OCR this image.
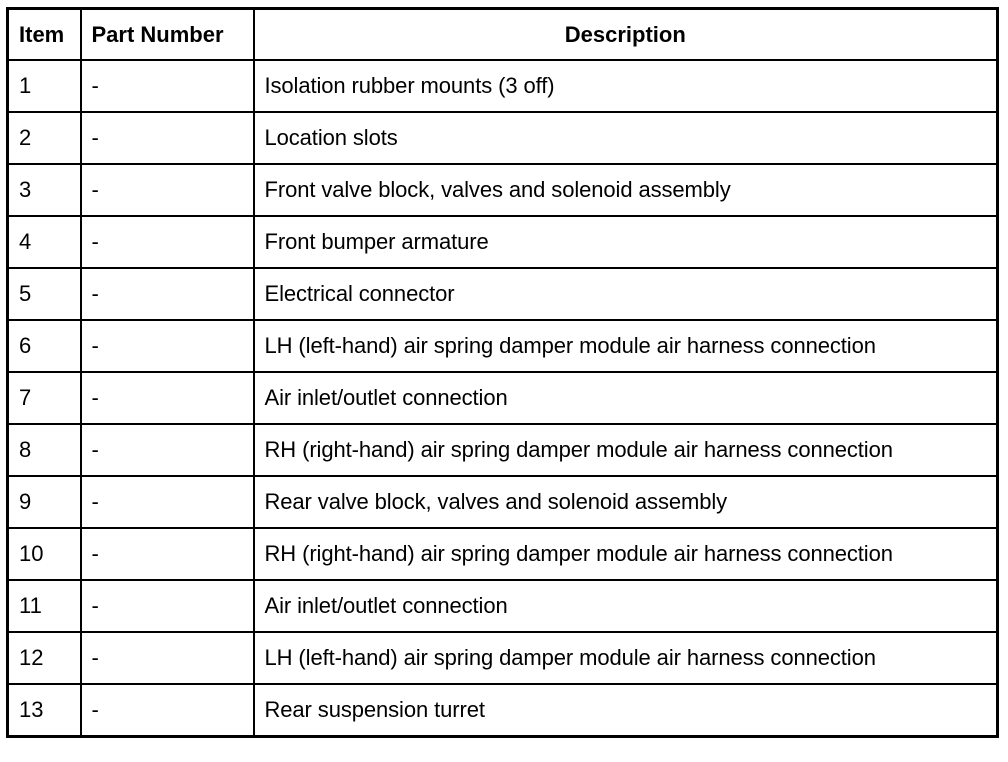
Item	Part Number	Description
1	-	Isolation rubber mounts (3 off)
2	-	Location slots
3	-	Front valve block, valves and solenoid assembly
4	-	Front bumper armature
5	-	Electrical connector
6	-	LH (left-hand) air spring damper module air harness connection
7	-	Air inlet/outlet connection
8	-	RH (right-hand) air spring damper module air harness connection
9	-	Rear valve block, valves and solenoid assembly
10	-	RH (right-hand) air spring damper module air harness connection
11	-	Air inlet/outlet connection
12	-	LH (left-hand) air spring damper module air harness connection
13	-	Rear suspension turret
